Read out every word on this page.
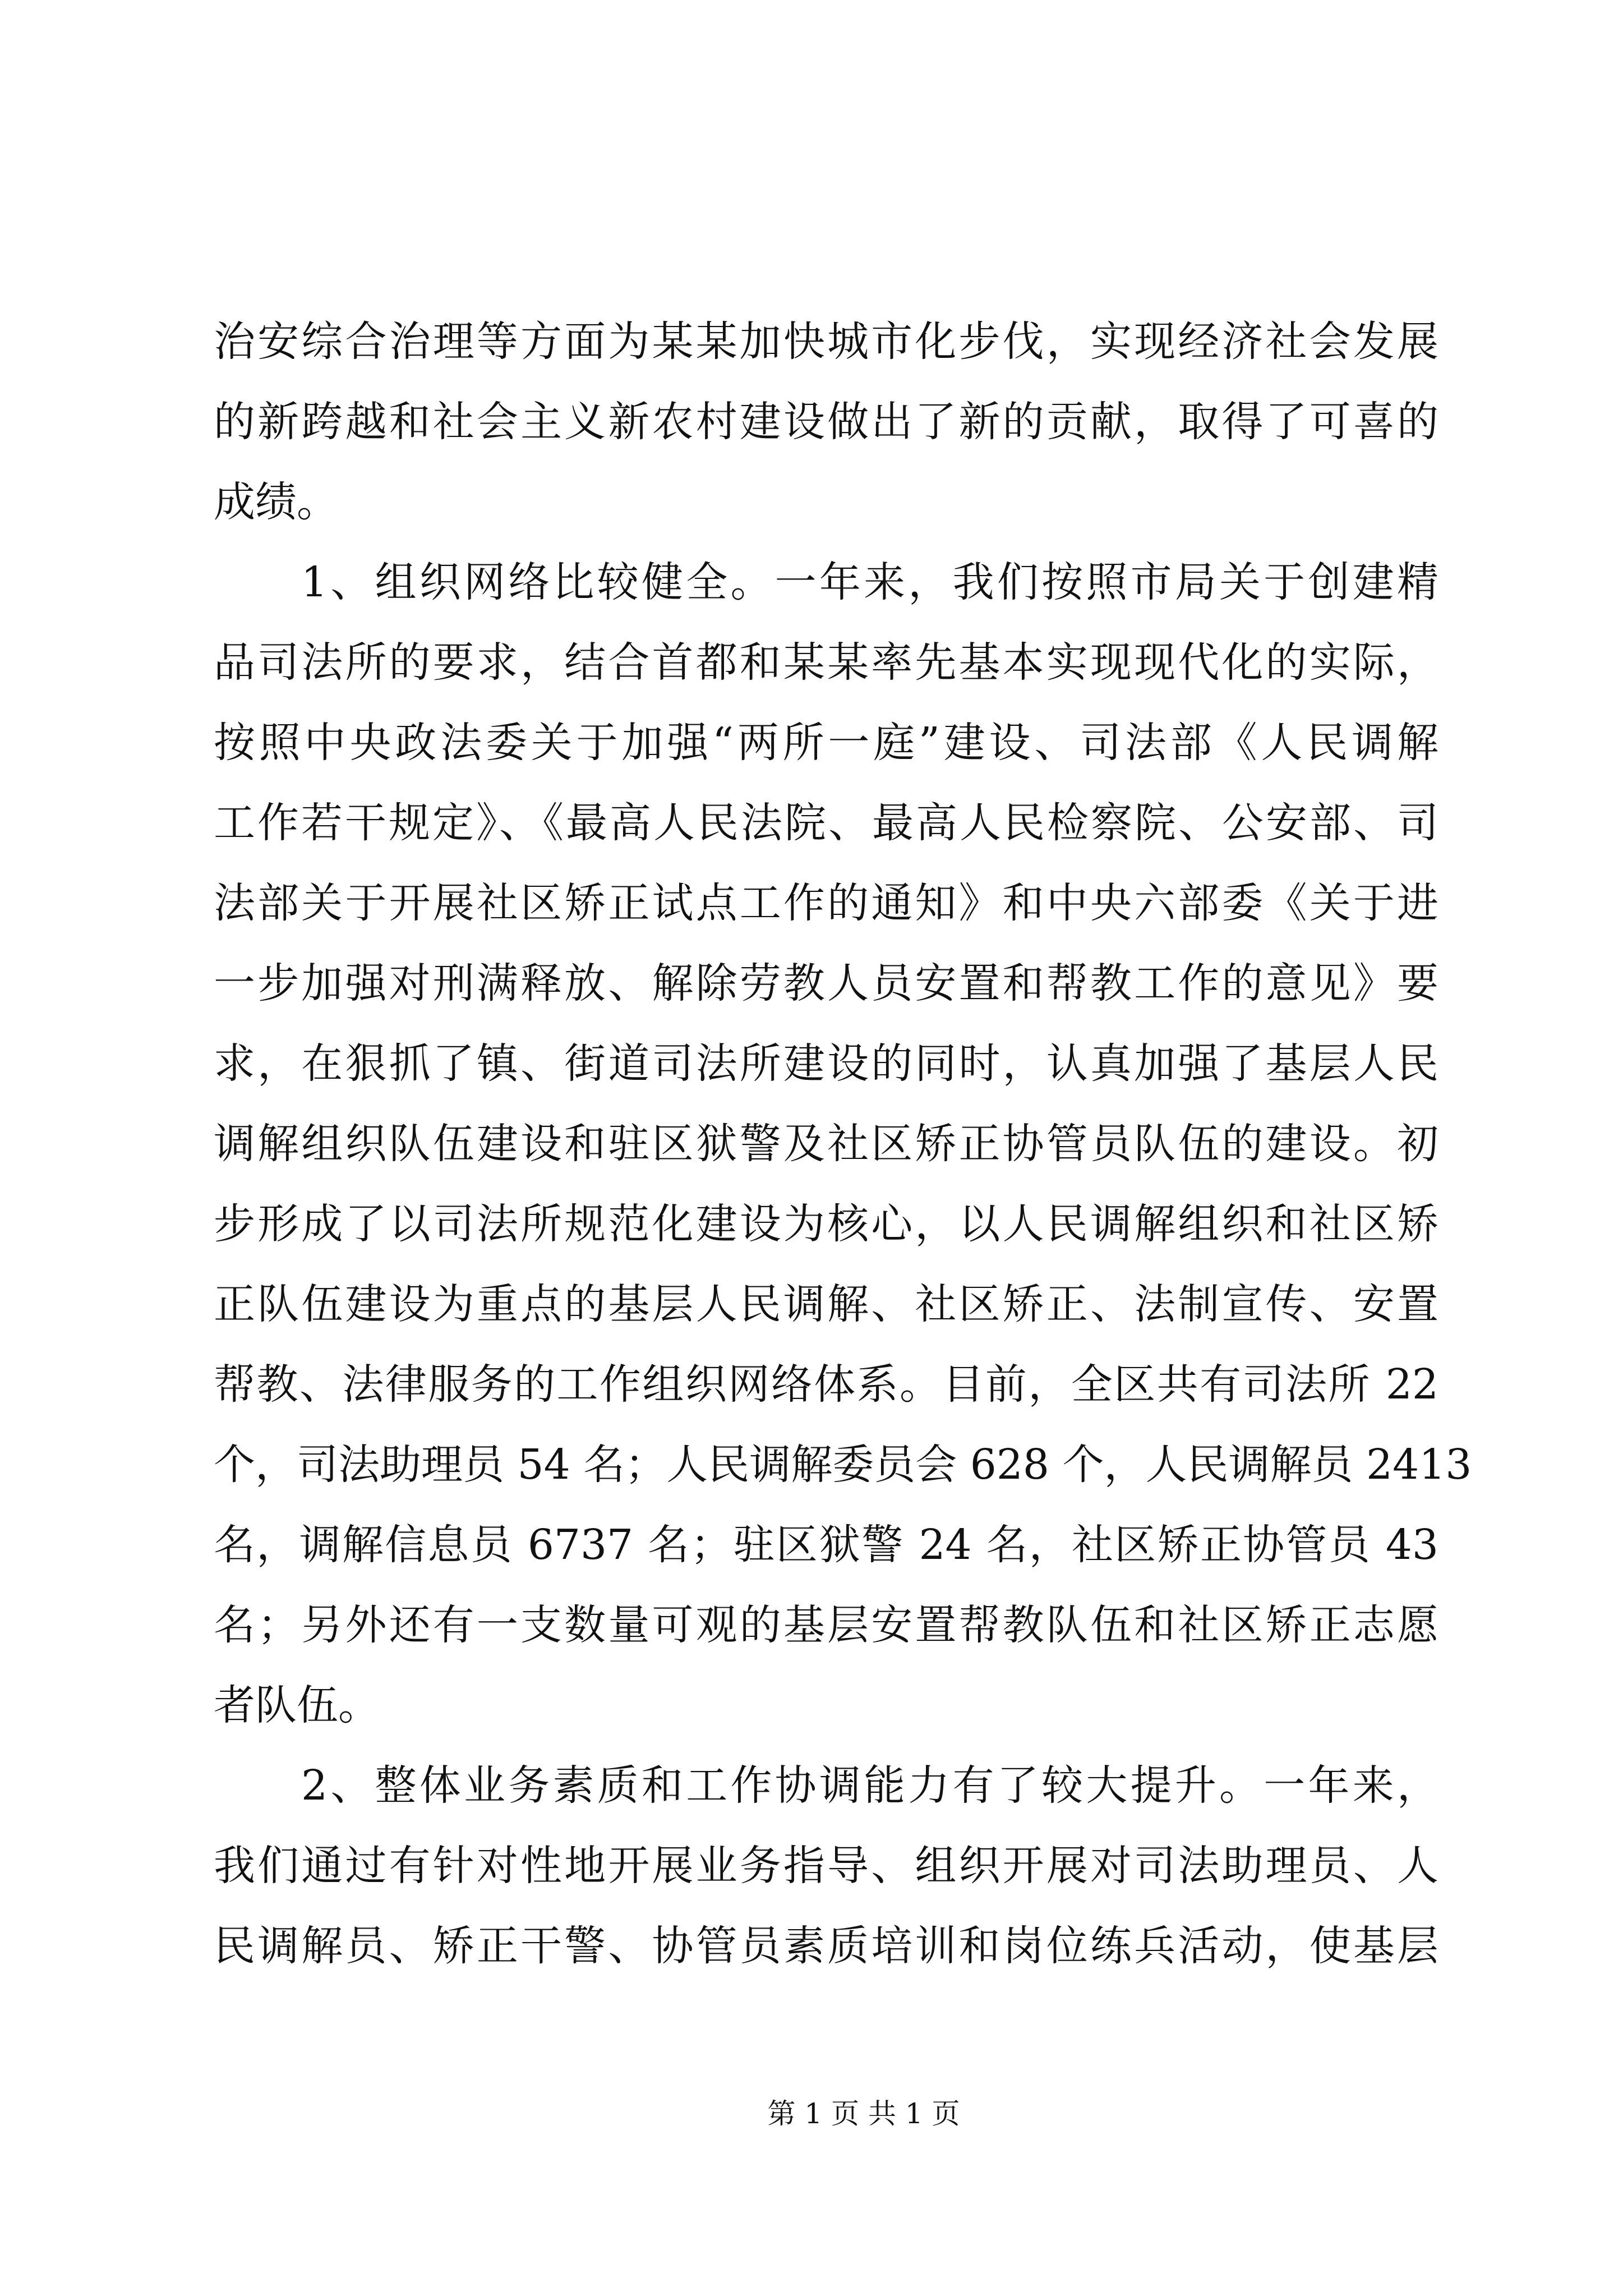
治安综合治理等方面为某某加快城市化步伐，实现经济社会发展
的新跨越和社会主义新农村建设做出了新的贡献，取得了可喜的
成绩。
1、组织网络比较健全。一年来，我们按照市局关于创建精
品司法所的要求，结合首都和某某率先基本实现现代化的实际，
按照中央政法委关于加强“两所一庭”建设、司法部《人民调解
工作若干规定》、《最高人民法院、最高人民检察院、公安部、司
法部关于开展社区矫正试点工作的通知》和中央六部委《关于进
一步加强对刑满释放、解除劳教人员安置和帮教工作的意见》要
求，在狠抓了镇、街道司法所建设的同时，认真加强了基层人民
调解组织队伍建设和驻区狱警及社区矫正协管员队伍的建设。初
步形成了以司法所规范化建设为核心，以人民调解组织和社区矫
正队伍建设为重点的基层人民调解、社区矫正、法制宣传、安置
帮教、法律服务的工作组织网络体系。目前，全区共有司法所 22
个，司法助理员 54 名；人民调解委员会 628 个，人民调解员 2413
名，调解信息员 6737 名；驻区狱警 24 名，社区矫正协管员 43
名；另外还有一支数量可观的基层安置帮教队伍和社区矫正志愿
者队伍。
2、整体业务素质和工作协调能力有了较大提升。一年来，
我们通过有针对性地开展业务指导、组织开展对司法助理员、人
民调解员、矫正干警、协管员素质培训和岗位练兵活动，使基层
第 1 页 共 1 页
